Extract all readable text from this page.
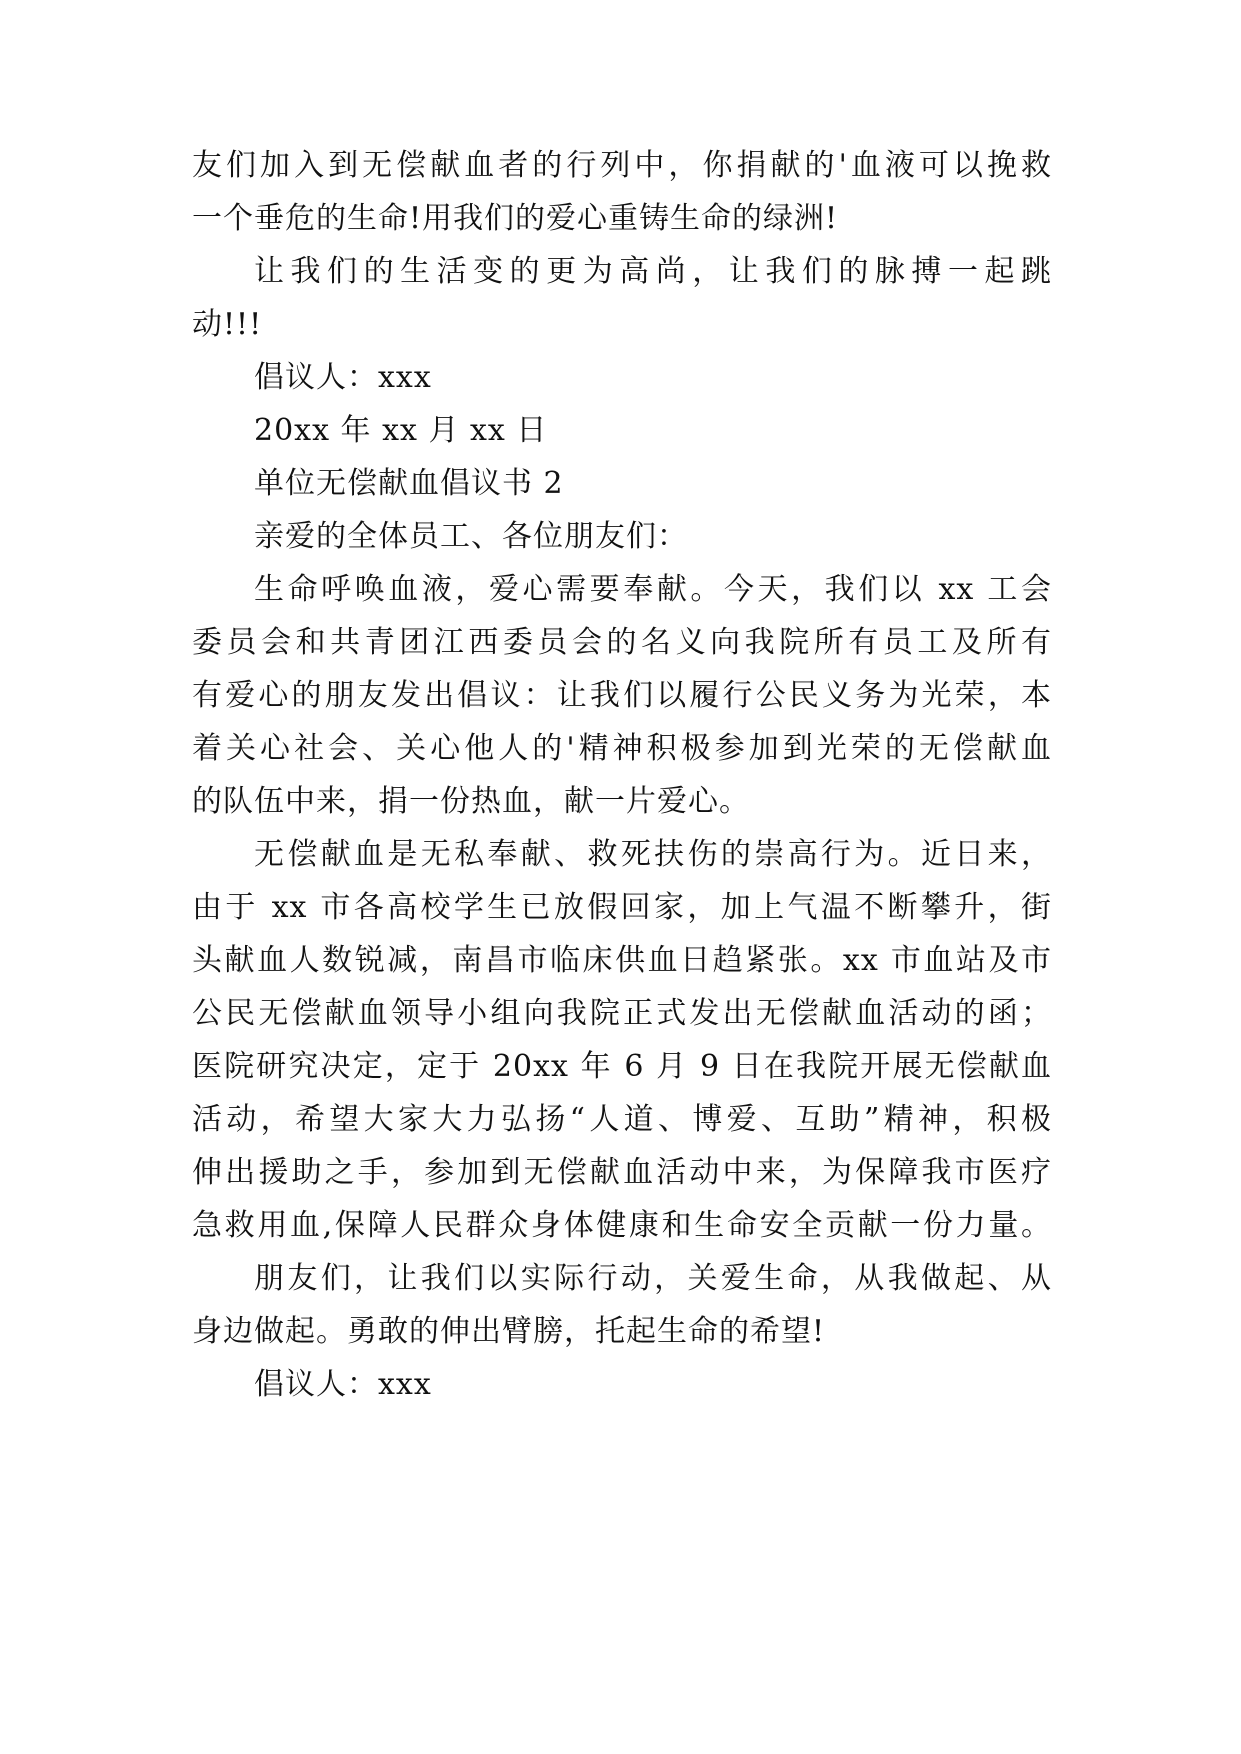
友们加入到无偿献血者的行列中，你捐献的'血液可以挽救
一个垂危的生命!用我们的爱心重铸生命的绿洲!
让我们的生活变的更为高尚，让我们的脉搏一起跳
动!!!
倡议人：xxx
20xx 年 xx 月 xx 日
单位无偿献血倡议书 2
亲爱的全体员工、各位朋友们：
生命呼唤血液，爱心需要奉献。今天，我们以 xx 工会
委员会和共青团江西委员会的名义向我院所有员工及所有
有爱心的朋友发出倡议：让我们以履行公民义务为光荣，本
着关心社会、关心他人的'精神积极参加到光荣的无偿献血
的队伍中来，捐一份热血，献一片爱心。
无偿献血是无私奉献、救死扶伤的崇高行为。近日来，
由于 xx 市各高校学生已放假回家，加上气温不断攀升，街
头献血人数锐减，南昌市临床供血日趋紧张。xx 市血站及市
公民无偿献血领导小组向我院正式发出无偿献血活动的函；
医院研究决定，定于 20xx 年 6 月 9 日在我院开展无偿献血
活动，希望大家大力弘扬“人道、博爱、互助”精神，积极
伸出援助之手，参加到无偿献血活动中来，为保障我市医疗
急救用血,保障人民群众身体健康和生命安全贡献一份力量。
朋友们，让我们以实际行动，关爱生命，从我做起、从
身边做起。勇敢的伸出臂膀，托起生命的希望!
倡议人：xxx
